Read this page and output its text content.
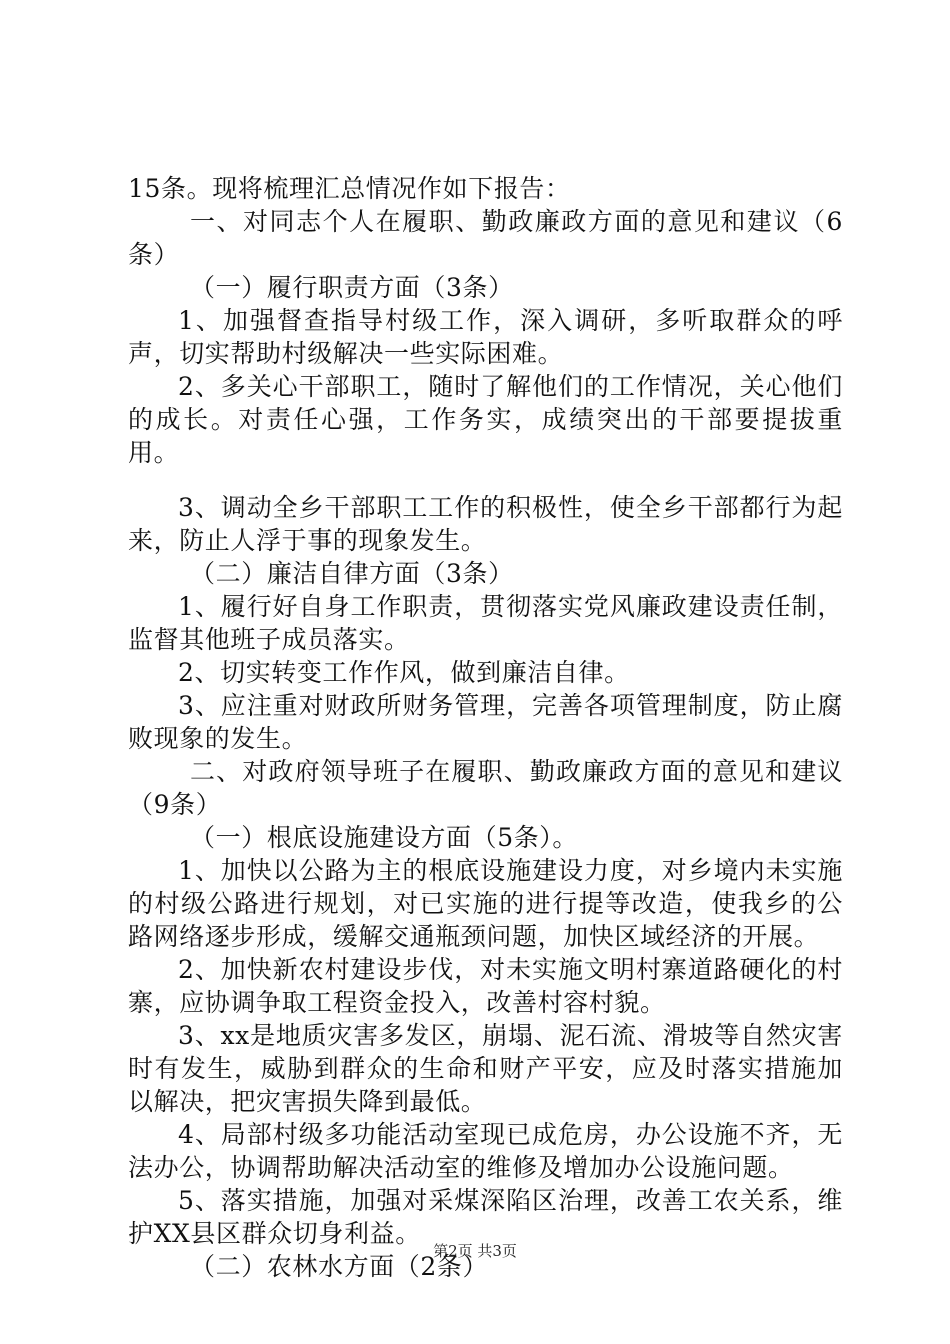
15条。现将梳理汇总情况作如下报告：

一、对同志个人在履职、勤政廉政方面的意见和建议（6条）

（一）履行职责方面（3条）

1、加强督查指导村级工作，深入调研，多听取群众的呼声，切实帮助村级解决一些实际困难。

2、多关心干部职工，随时了解他们的工作情况，关心他们的成长。对责任心强，工作务实，成绩突出的干部要提拔重用。

3、调动全乡干部职工工作的积极性，使全乡干部都行为起来，防止人浮于事的现象发生。

（二）廉洁自律方面（3条）

1、履行好自身工作职责，贯彻落实党风廉政建设责任制，监督其他班子成员落实。

2、切实转变工作作风，做到廉洁自律。

3、应注重对财政所财务管理，完善各项管理制度，防止腐败现象的发生。

二、对政府领导班子在履职、勤政廉政方面的意见和建议（9条）

（一）根底设施建设方面（5条）。

1、加快以公路为主的根底设施建设力度，对乡境内未实施的村级公路进行规划，对已实施的进行提等改造，使我乡的公路网络逐步形成，缓解交通瓶颈问题，加快区域经济的开展。

2、加快新农村建设步伐，对未实施文明村寨道路硬化的村寨，应协调争取工程资金投入，改善村容村貌。

3、xx是地质灾害多发区，崩塌、泥石流、滑坡等自然灾害时有发生，威胁到群众的生命和财产平安，应及时落实措施加以解决，把灾害损失降到最低。

4、局部村级多功能活动室现已成危房，办公设施不齐，无法办公，协调帮助解决活动室的维修及增加办公设施问题。

5、落实措施，加强对采煤深陷区治理，改善工农关系，维护XX县区群众切身利益。

（二）农林水方面（2条）

第2页 共3页
